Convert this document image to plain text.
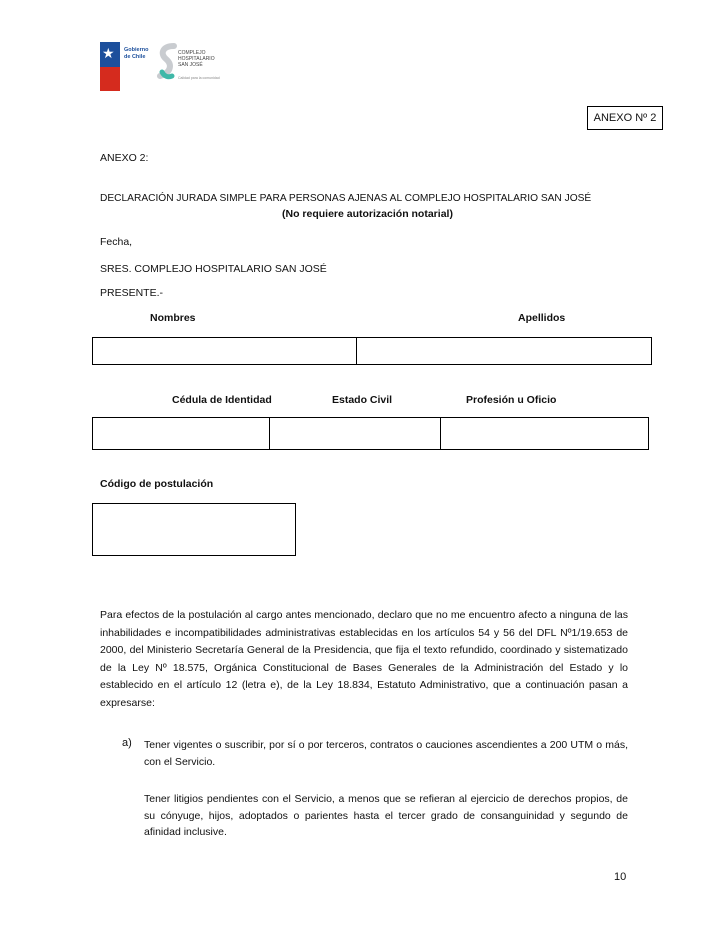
★ Gobierno
de Chile
COMPLEJO
HOSPITALARIO
SAN JOSÉ
Calidad para la comunidad
ANEXO Nº 2
ANEXO 2:
DECLARACIÓN JURADA SIMPLE PARA PERSONAS AJENAS AL COMPLEJO HOSPITALARIO SAN JOSÉ
(No requiere autorización notarial)
Fecha,
SRES. COMPLEJO HOSPITALARIO SAN JOSÉ
PRESENTE.-
Nombres	Apellidos
Cédula de Identidad	Estado Civil	Profesión u Oficio
Código de postulación
Para efectos de la postulación al cargo antes mencionado, declaro que no me encuentro afecto a ninguna de las inhabilidades e incompatibilidades administrativas establecidas en los artículos 54 y 56 del DFL Nº1/19.653 de 2000, del Ministerio Secretaría General de la Presidencia, que fija el texto refundido, coordinado y sistematizado de la Ley Nº 18.575, Orgánica Constitucional de Bases Generales de la Administración del Estado y lo establecido en el artículo 12 (letra e), de la Ley 18.834, Estatuto Administrativo, que a continuación pasan a expresarse:
a) Tener vigentes o suscribir, por sí o por terceros, contratos o cauciones ascendientes a 200 UTM o más, con el Servicio.
Tener litigios pendientes con el Servicio, a menos que se refieran al ejercicio de derechos propios, de su cónyuge, hijos, adoptados o parientes hasta el tercer grado de consanguinidad y segundo de afinidad inclusive.
10
